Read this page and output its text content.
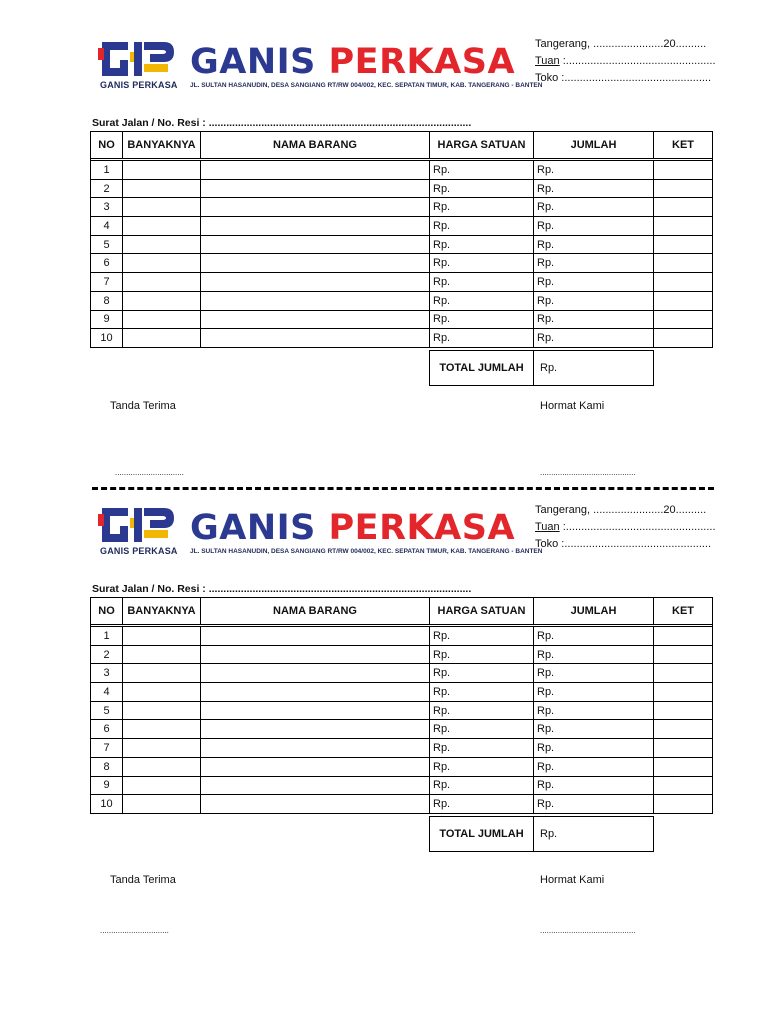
GANIS PERKASA
GANIS PERKASA
JL. SULTAN HASANUDIN, DESA SANGIANG RT/RW 004/002, KEC. SEPATAN TIMUR, KAB. TANGERANG - BANTEN
Tangerang, .......................20..........
Tuan :.................................................
Toko :................................................
Surat Jalan / No. Resi : ..........................................................................................
NO	BANYAKNYA	NAMA BARANG	HARGA SATUAN	JUMLAH	KET

1			Rp.	Rp.	
2			Rp.	Rp.	
3			Rp.	Rp.	
4			Rp.	Rp.	
5			Rp.	Rp.	
6			Rp.	Rp.	
7			Rp.	Rp.	
8			Rp.	Rp.	
9			Rp.	Rp.	
10			Rp.	Rp.	
TOTAL JUMLAH	Rp.
Tanda Terima	Hormat Kami
...............................	...........................................
GANIS PERKASA
GANIS PERKASA
JL. SULTAN HASANUDIN, DESA SANGIANG RT/RW 004/002, KEC. SEPATAN TIMUR, KAB. TANGERANG - BANTEN
Tangerang, .......................20..........
Tuan :.................................................
Toko :................................................
Surat Jalan / No. Resi : ..........................................................................................
NO	BANYAKNYA	NAMA BARANG	HARGA SATUAN	JUMLAH	KET

1			Rp.	Rp.	
2			Rp.	Rp.	
3			Rp.	Rp.	
4			Rp.	Rp.	
5			Rp.	Rp.	
6			Rp.	Rp.	
7			Rp.	Rp.	
8			Rp.	Rp.	
9			Rp.	Rp.	
10			Rp.	Rp.	
TOTAL JUMLAH	Rp.
Tanda Terima	Hormat Kami
...............................	...........................................
